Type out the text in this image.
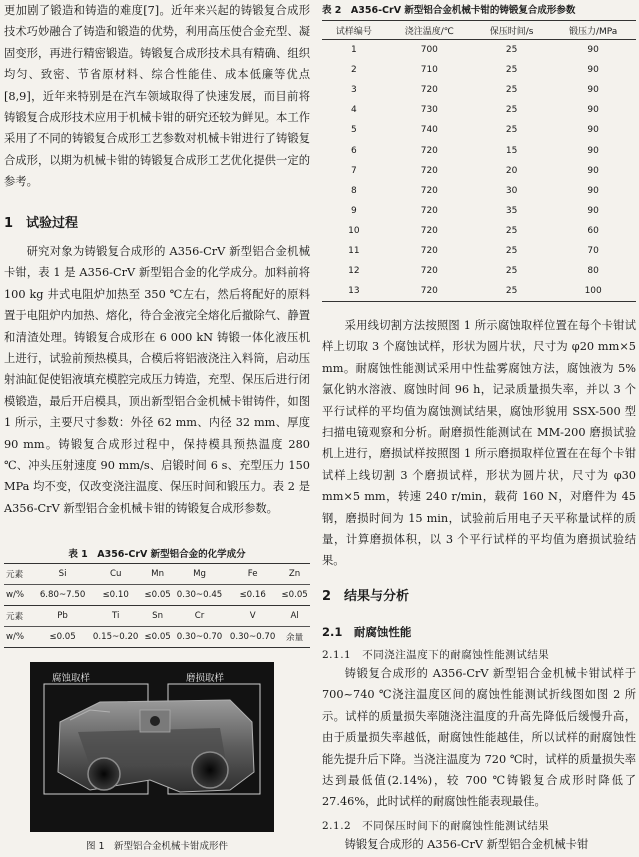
更加剧了锻造和铸造的难度[7]。近年来兴起的铸锻复合成形技术巧妙融合了铸造和锻造的优势，利用高压使合金充型、凝固变形，再进行精密锻造。铸锻复合成形技术具有精确、组织均匀、致密、节省原材料、综合性能佳、成本低廉等优点[8,9]，近年来特别是在汽车领域取得了快速发展，而目前将铸锻复合成形技术应用于机械卡钳的研究还较为鲜见。本工作采用了不同的铸锻复合成形工艺参数对机械卡钳进行了铸锻复合成形，以期为机械卡钳的铸锻复合成形工艺优化提供一定的参考。

1　试验过程

研究对象为铸锻复合成形的 A356-CrV 新型铝合金机械卡钳，表 1 是 A356-CrV 新型铝合金的化学成分。加料前将 100 kg 井式电阻炉加热至 350 ℃左右，然后将配好的原料置于电阻炉内加热、熔化，待合金液完全熔化后撤除气、静置和清渣处理。铸锻复合成形在 6 000 kN 铸锻一体化液压机上进行，试验前预热模具，合模后将铝液浇注入料筒，启动压射油缸促使铝液填充模腔完成压力铸造，充型、保压后进行闭模锻造，最后开启模具，顶出新型铝合金机械卡钳铸件，如图 1 所示，主要尺寸参数：外径 62 mm、内径 32 mm、厚度 90 mm。铸锻复合成形过程中，保持模具预热温度 280 ℃、冲头压射速度 90 mm/s、启锻时间 6 s、充型压力 150 MPa 均不变，仅改变浇注温度、保压时间和锻压力。表 2 是 A356-CrV 新型铝合金机械卡钳的铸锻复合成形参数。

表 1　A356-CrV 新型铝合金的化学成分
元素	Si	Cu	Mn	Mg	Fe	Zn
w/%	6.80~7.50	≤0.10	≤0.05	0.30~0.45	≤0.16	≤0.05
元素	Pb	Ti	Sn	Cr	V	Al
w/%	≤0.05	0.15~0.20	≤0.05	0.30~0.70	0.30~0.70	余量
腐蚀取样	磨损取样
图 1　新型铝合金机械卡钳成形件
表 2　A356-CrV 新型铝合金机械卡钳的铸锻复合成形参数
试样编号	浇注温度/℃	保压时间/s	锻压力/MPa
1	700	25	90
2	710	25	90
3	720	25	90
4	730	25	90
5	740	25	90
6	720	15	90
7	720	20	90
8	720	30	90
9	720	35	90
10	720	25	60
11	720	25	70
12	720	25	80
13	720	25	100

采用线切割方法按照图 1 所示腐蚀取样位置在每个卡钳试样上切取 3 个腐蚀试样，形状为圆片状，尺寸为 φ20 mm×5 mm。耐腐蚀性能测试采用中性盐雾腐蚀方法，腐蚀液为 5%氯化钠水溶液、腐蚀时间 96 h，记录质量损失率，并以 3 个平行试样的平均值为腐蚀测试结果，腐蚀形貌用 SSX-500 型扫描电镜观察和分析。耐磨损性能测试在 MM-200 磨损试验机上进行，磨损试样按照图 1 所示磨损取样位置在在每个卡钳试样上线切割 3 个磨损试样，形状为圆片状，尺寸为 φ30 mm×5 mm，转速 240 r/min，载荷 160 N，对磨件为 45 钢，磨损时间为 15 min，试验前后用电子天平称量试样的质量，计算磨损体积，以 3 个平行试样的平均值为磨损试验结果。

2　结果与分析
2.1　耐腐蚀性能
2.1.1　不同浇注温度下的耐腐蚀性能测试结果

铸锻复合成形的 A356-CrV 新型铝合金机械卡钳试样于 700~740 ℃浇注温度区间的腐蚀性能测试折线图如图 2 所示。试样的质量损失率随浇注温度的升高先降低后缓慢升高，由于质量损失率越低，耐腐蚀性能越佳，所以试样的耐腐蚀性能先提升后下降。当浇注温度为 720 ℃时，试样的质量损失率达到最低值(2.14%)，较 700 ℃铸锻复合成形时降低了 27.46%，此时试样的耐腐蚀性能表现最佳。

2.1.2　不同保压时间下的耐腐蚀性能测试结果

铸锻复合成形的 A356-CrV 新型铝合金机械卡钳
